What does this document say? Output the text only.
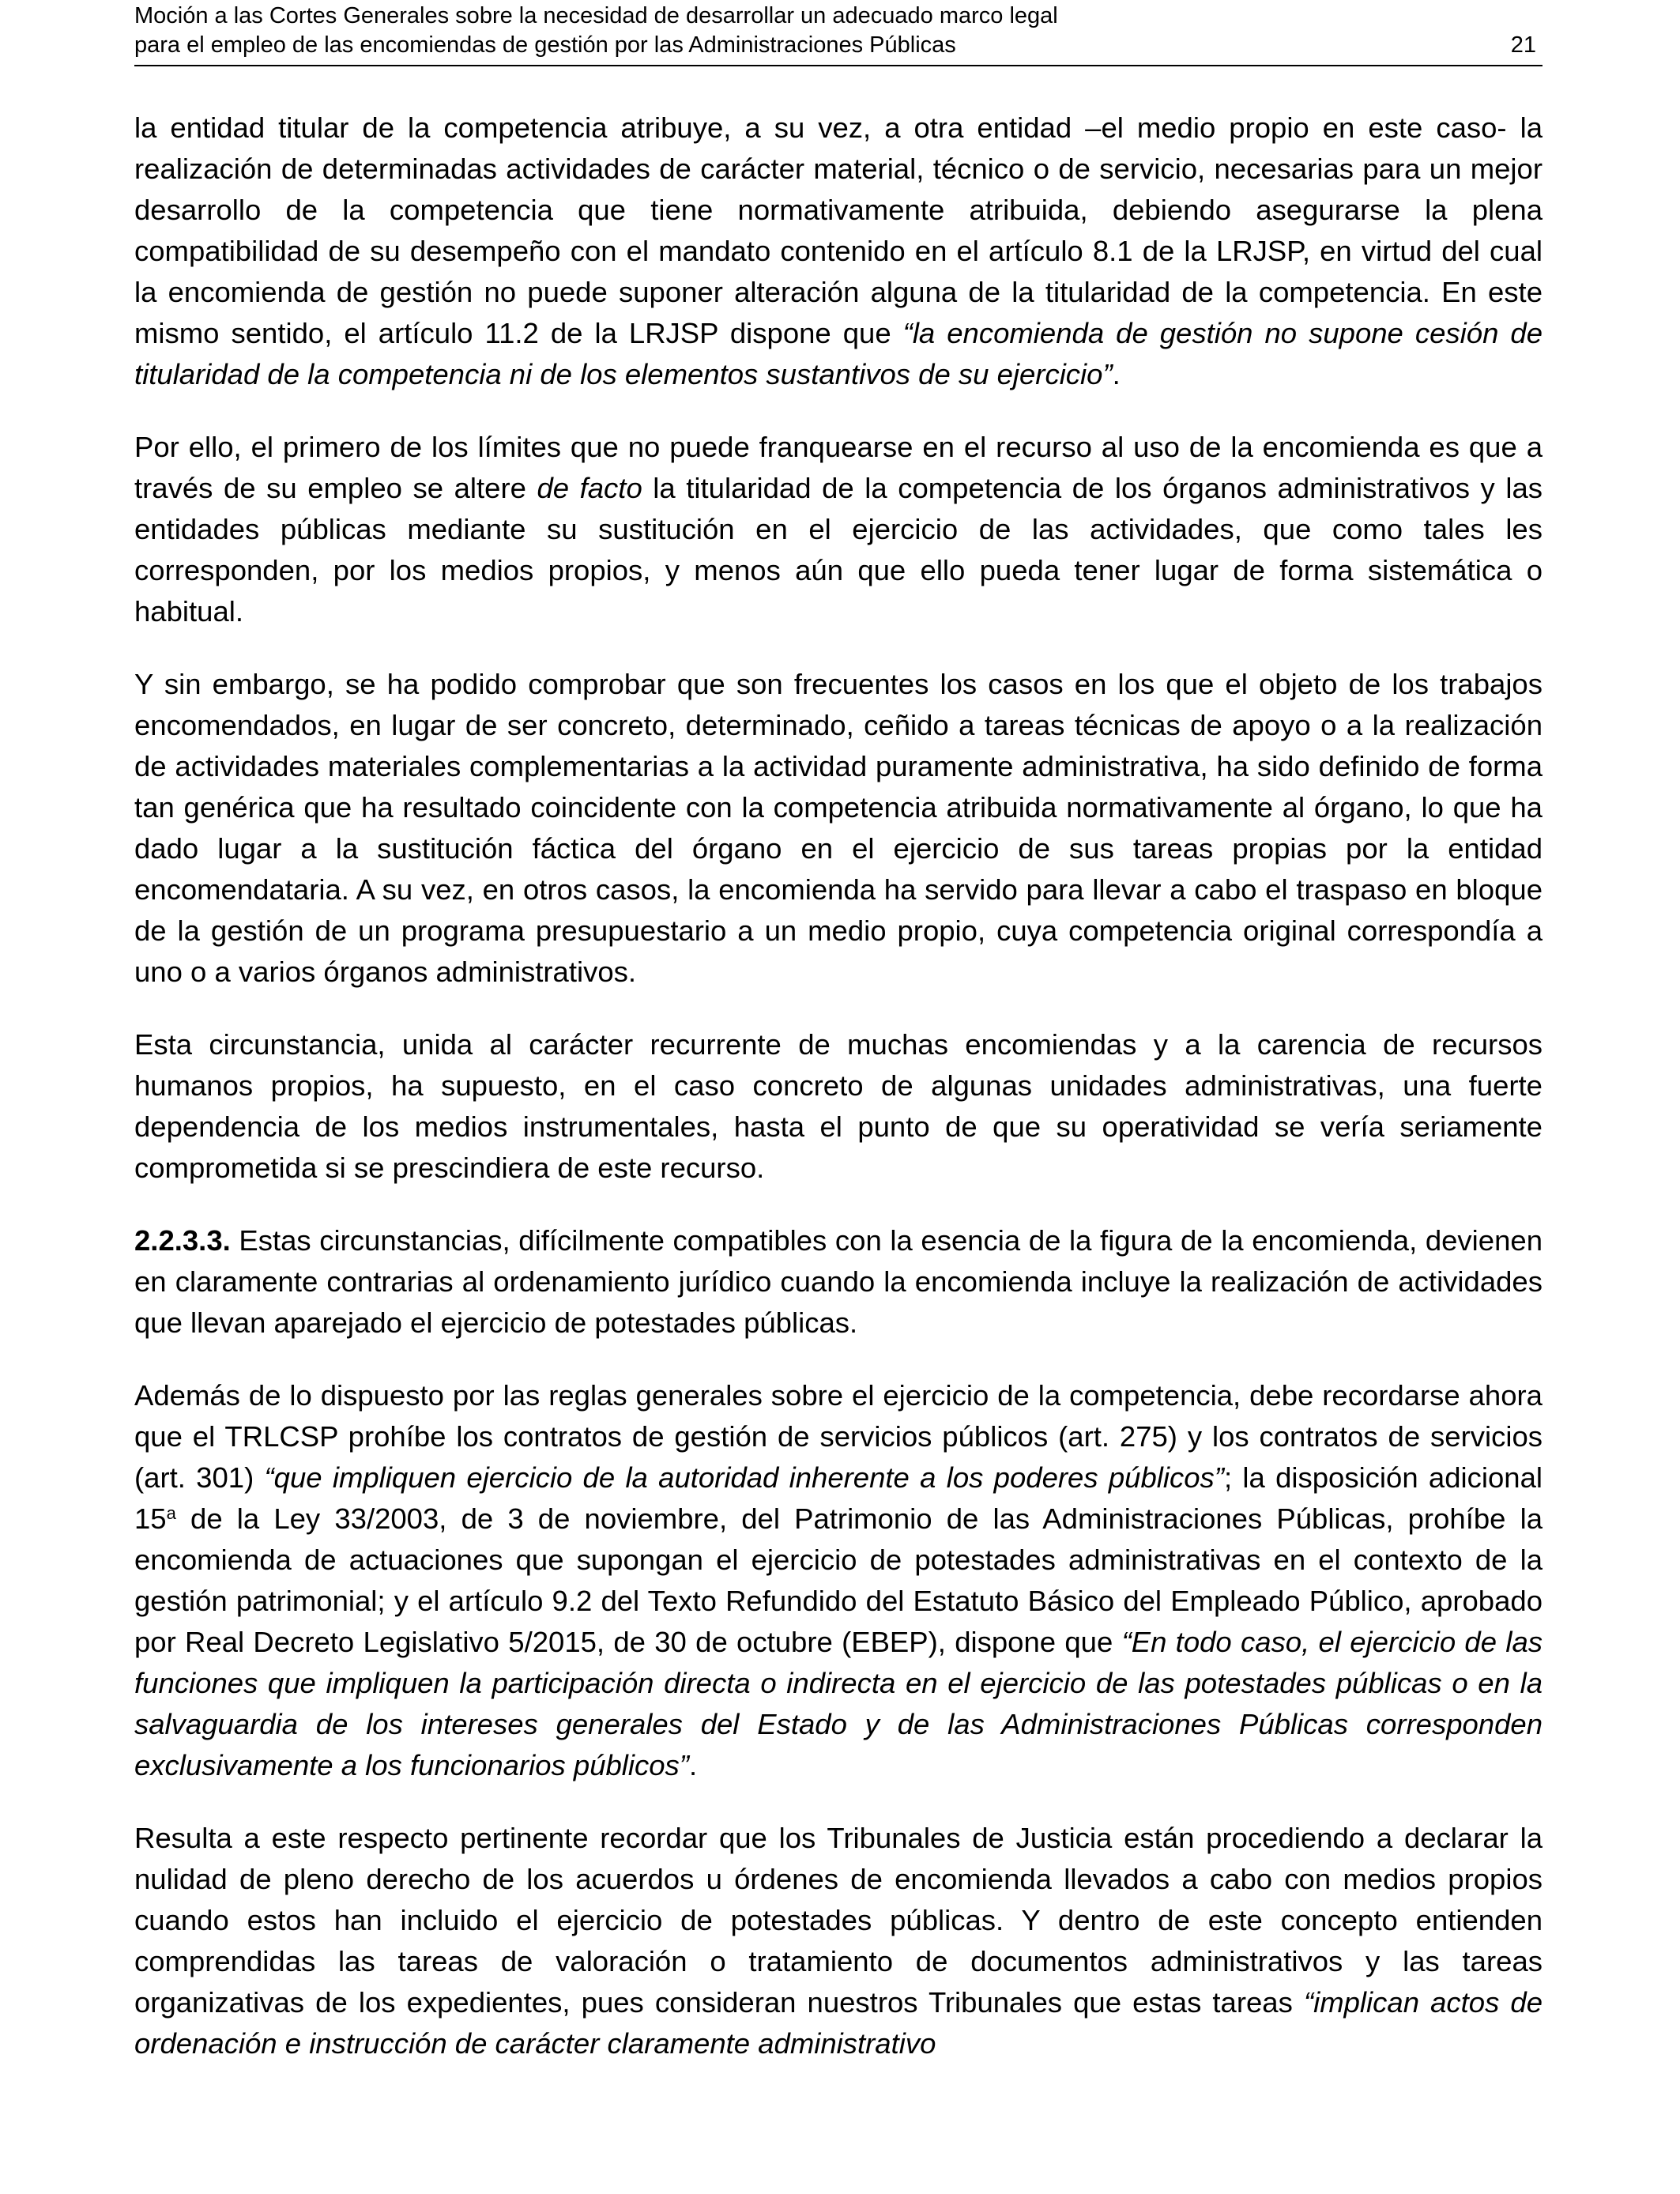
Moción a las Cortes Generales sobre la necesidad de desarrollar un adecuado marco legal
para el empleo de las encomiendas de gestión por las Administraciones Públicas	21

la entidad titular de la competencia atribuye, a su vez, a otra entidad –el medio propio en este caso- la realización de determinadas actividades de carácter material, técnico o de servicio, necesarias para un mejor desarrollo de la competencia que tiene normativamente atribuida, debiendo asegurarse la plena compatibilidad de su desempeño con el mandato contenido en el artículo 8.1 de la LRJSP, en virtud del cual la encomienda de gestión no puede suponer alteración alguna de la titularidad de la competencia. En este mismo sentido, el artículo 11.2 de la LRJSP dispone que “la encomienda de gestión no supone cesión de titularidad de la competencia ni de los elementos sustantivos de su ejercicio”.

Por ello, el primero de los límites que no puede franquearse en el recurso al uso de la encomienda es que a través de su empleo se altere de facto la titularidad de la competencia de los órganos administrativos y las entidades públicas mediante su sustitución en el ejercicio de las actividades, que como tales les corresponden, por los medios propios, y menos aún que ello pueda tener lugar de forma sistemática o habitual.

Y sin embargo, se ha podido comprobar que son frecuentes los casos en los que el objeto de los trabajos encomendados, en lugar de ser concreto, determinado, ceñido a tareas técnicas de apoyo o a la realización de actividades materiales complementarias a la actividad puramente administrativa, ha sido definido de forma tan genérica que ha resultado coincidente con la competencia atribuida normativamente al órgano, lo que ha dado lugar a la sustitución fáctica del órgano en el ejercicio de sus tareas propias por la entidad encomendataria. A su vez, en otros casos, la encomienda ha servido para llevar a cabo el traspaso en bloque de la gestión de un programa presupuestario a un medio propio, cuya competencia original correspondía a uno o a varios órganos administrativos.

Esta circunstancia, unida al carácter recurrente de muchas encomiendas y a la carencia de recursos humanos propios, ha supuesto, en el caso concreto de algunas unidades administrativas, una fuerte dependencia de los medios instrumentales, hasta el punto de que su operatividad se vería seriamente comprometida si se prescindiera de este recurso.

2.2.3.3. Estas circunstancias, difícilmente compatibles con la esencia de la figura de la encomienda, devienen en claramente contrarias al ordenamiento jurídico cuando la encomienda incluye la realización de actividades que llevan aparejado el ejercicio de potestades públicas.

Además de lo dispuesto por las reglas generales sobre el ejercicio de la competencia, debe recordarse ahora que el TRLCSP prohíbe los contratos de gestión de servicios públicos (art. 275) y los contratos de servicios (art. 301) “que impliquen ejercicio de la autoridad inherente a los poderes públicos”; la disposición adicional 15$^a$ de la Ley 33/2003, de 3 de noviembre, del Patrimonio de las Administraciones Públicas, prohíbe la encomienda de actuaciones que supongan el ejercicio de potestades administrativas en el contexto de la gestión patrimonial; y el artículo 9.2 del Texto Refundido del Estatuto Básico del Empleado Público, aprobado por Real Decreto Legislativo 5/2015, de 30 de octubre (EBEP), dispone que “En todo caso, el ejercicio de las funciones que impliquen la participación directa o indirecta en el ejercicio de las potestades públicas o en la salvaguardia de los intereses generales del Estado y de las Administraciones Públicas corresponden exclusivamente a los funcionarios públicos”.

Resulta a este respecto pertinente recordar que los Tribunales de Justicia están procediendo a declarar la nulidad de pleno derecho de los acuerdos u órdenes de encomienda llevados a cabo con medios propios cuando estos han incluido el ejercicio de potestades públicas. Y dentro de este concepto entienden comprendidas las tareas de valoración o tratamiento de documentos administrativos y las tareas organizativas de los expedientes, pues consideran nuestros Tribunales que estas tareas “implican actos de ordenación e instrucción de carácter claramente administrativo
